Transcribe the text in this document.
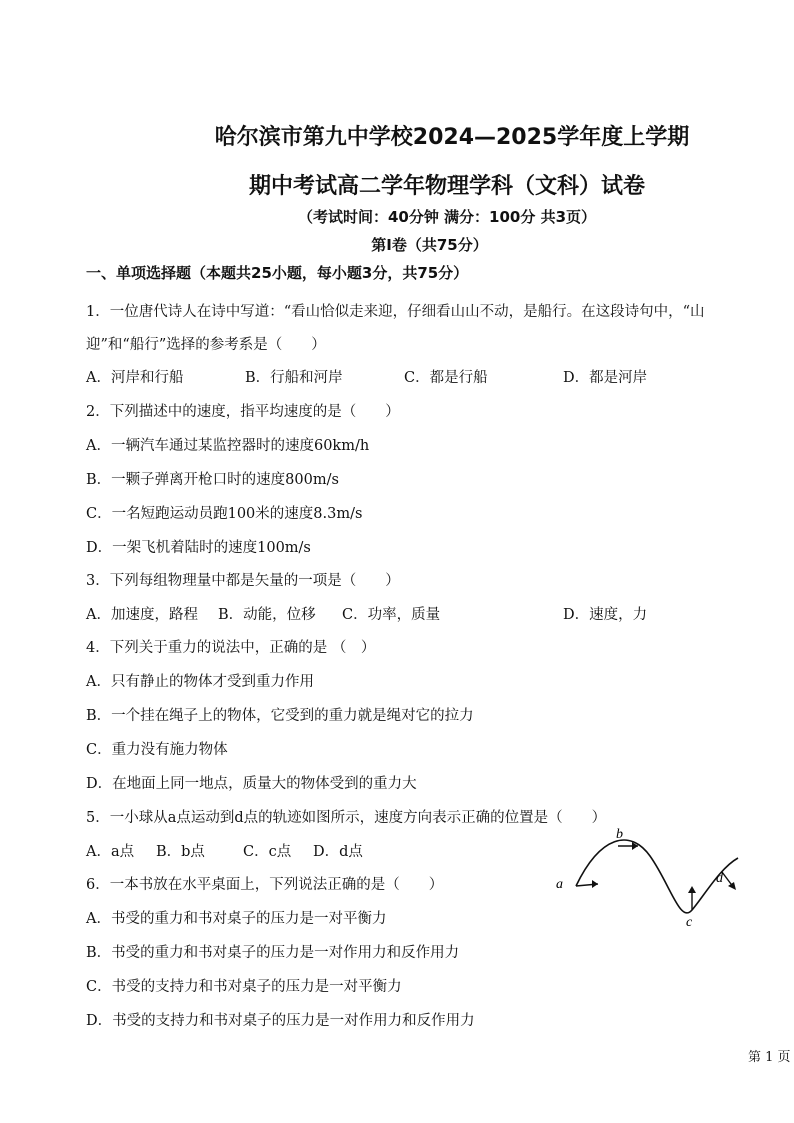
哈尔滨市第九中学校2024—2025学年度上学期
期中考试高二学年物理学科（文科）试卷
（考试时间：40分钟 满分：100分 共3页）
第Ⅰ卷（共75分）
一、单项选择题（本题共25小题，每小题3分，共75分）
1．一位唐代诗人在诗中写道：“看山恰似走来迎，仔细看山山不动，是船行。在这段诗句中，“山
迎”和“船行”选择的参考系是（　　）
A．河岸和行船	B．行船和河岸	C．都是行船	D．都是河岸
2．下列描述中的速度，指平均速度的是（　　）
A．一辆汽车通过某监控器时的速度60km/h
B．一颗子弹离开枪口时的速度800m/s
C．一名短跑运动员跑100米的速度8.3m/s
D．一架飞机着陆时的速度100m/s
3．下列每组物理量中都是矢量的一项是（　　）
A．加速度，路程 B．动能，位移 C．功率，质量	D．速度，力
4．下列关于重力的说法中，正确的是 （　）
A．只有静止的物体才受到重力作用
B．一个挂在绳子上的物体，它受到的重力就是绳对它的拉力
C．重力没有施力物体
D．在地面上同一地点，质量大的物体受到的重力大
5．一小球从a点运动到d点的轨迹如图所示，速度方向表示正确的位置是（　　）
A．a点 B．b点	C．c点 D．d点
a
b
c
d
6．一本书放在水平桌面上，下列说法正确的是（　　）
A．书受的重力和书对桌子的压力是一对平衡力
B．书受的重力和书对桌子的压力是一对作用力和反作用力
C．书受的支持力和书对桌子的压力是一对平衡力
D．书受的支持力和书对桌子的压力是一对作用力和反作用力
第 1 页
